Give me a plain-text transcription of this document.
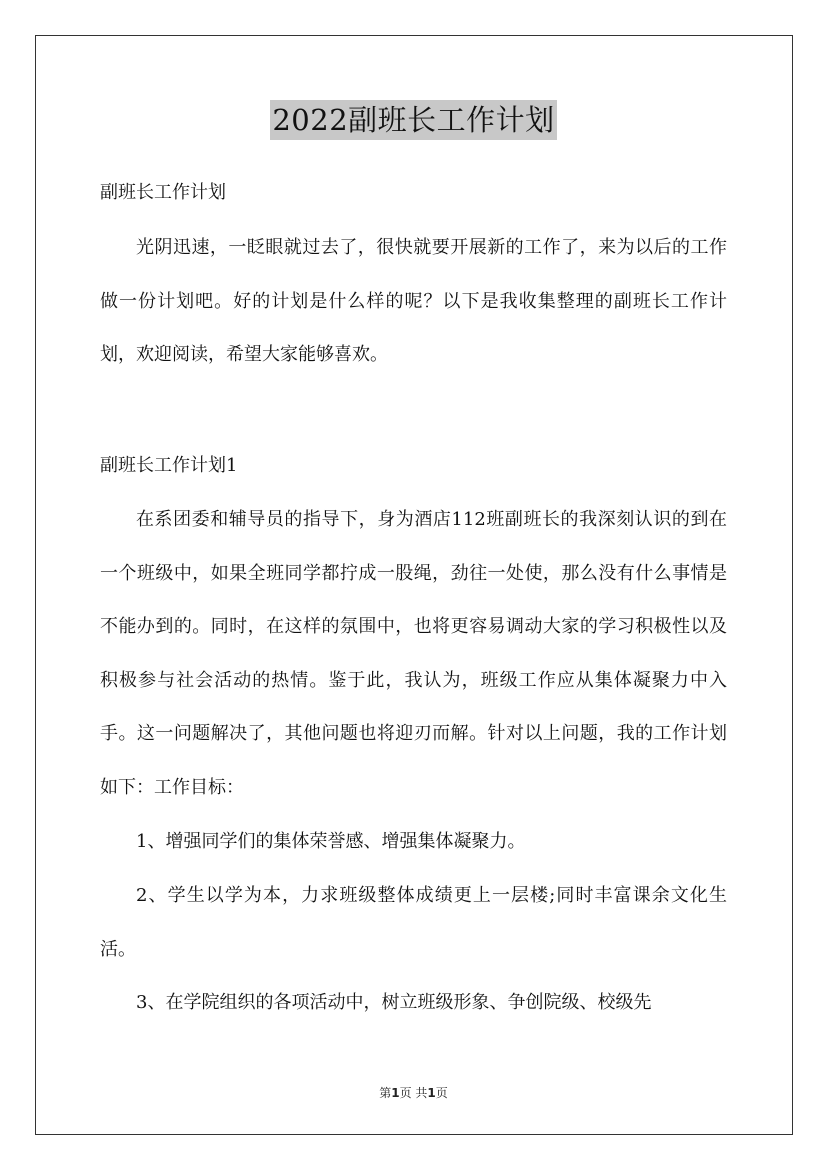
2022副班长工作计划

副班长工作计划

光阴迅速，一眨眼就过去了，很快就要开展新的工作了，来为以后的工作做一份计划吧。好的计划是什么样的呢？以下是我收集整理的副班长工作计划，欢迎阅读，希望大家能够喜欢。

副班长工作计划1

在系团委和辅导员的指导下，身为酒店112班副班长的我深刻认识的到在一个班级中，如果全班同学都拧成一股绳，劲往一处使，那么没有什么事情是不能办到的。同时，在这样的氛围中，也将更容易调动大家的学习积极性以及积极参与社会活动的热情。鉴于此，我认为，班级工作应从集体凝聚力中入手。这一问题解决了，其他问题也将迎刃而解。针对以上问题，我的工作计划如下：工作目标：

1、增强同学们的集体荣誉感、增强集体凝聚力。

2、学生以学为本，力求班级整体成绩更上一层楼;同时丰富课余文化生活。

3、在学院组织的各项活动中，树立班级形象、争创院级、校级先

第1页 共1页
